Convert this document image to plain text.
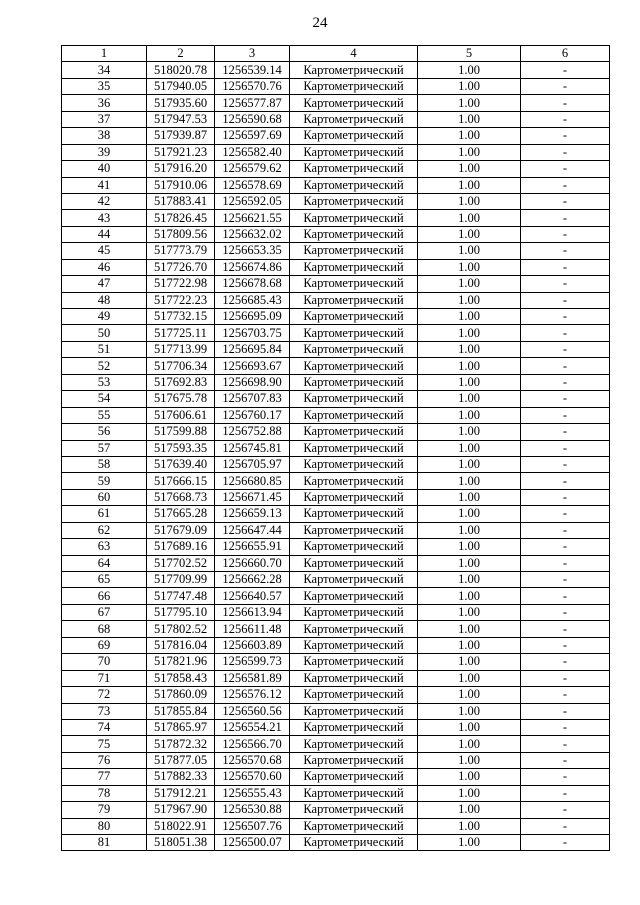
24
1	2	3	4	5	6
34	518020.78	1256539.14	Картометрический	1.00	-
35	517940.05	1256570.76	Картометрический	1.00	-
36	517935.60	1256577.87	Картометрический	1.00	-
37	517947.53	1256590.68	Картометрический	1.00	-
38	517939.87	1256597.69	Картометрический	1.00	-
39	517921.23	1256582.40	Картометрический	1.00	-
40	517916.20	1256579.62	Картометрический	1.00	-
41	517910.06	1256578.69	Картометрический	1.00	-
42	517883.41	1256592.05	Картометрический	1.00	-
43	517826.45	1256621.55	Картометрический	1.00	-
44	517809.56	1256632.02	Картометрический	1.00	-
45	517773.79	1256653.35	Картометрический	1.00	-
46	517726.70	1256674.86	Картометрический	1.00	-
47	517722.98	1256678.68	Картометрический	1.00	-
48	517722.23	1256685.43	Картометрический	1.00	-
49	517732.15	1256695.09	Картометрический	1.00	-
50	517725.11	1256703.75	Картометрический	1.00	-
51	517713.99	1256695.84	Картометрический	1.00	-
52	517706.34	1256693.67	Картометрический	1.00	-
53	517692.83	1256698.90	Картометрический	1.00	-
54	517675.78	1256707.83	Картометрический	1.00	-
55	517606.61	1256760.17	Картометрический	1.00	-
56	517599.88	1256752.88	Картометрический	1.00	-
57	517593.35	1256745.81	Картометрический	1.00	-
58	517639.40	1256705.97	Картометрический	1.00	-
59	517666.15	1256680.85	Картометрический	1.00	-
60	517668.73	1256671.45	Картометрический	1.00	-
61	517665.28	1256659.13	Картометрический	1.00	-
62	517679.09	1256647.44	Картометрический	1.00	-
63	517689.16	1256655.91	Картометрический	1.00	-
64	517702.52	1256660.70	Картометрический	1.00	-
65	517709.99	1256662.28	Картометрический	1.00	-
66	517747.48	1256640.57	Картометрический	1.00	-
67	517795.10	1256613.94	Картометрический	1.00	-
68	517802.52	1256611.48	Картометрический	1.00	-
69	517816.04	1256603.89	Картометрический	1.00	-
70	517821.96	1256599.73	Картометрический	1.00	-
71	517858.43	1256581.89	Картометрический	1.00	-
72	517860.09	1256576.12	Картометрический	1.00	-
73	517855.84	1256560.56	Картометрический	1.00	-
74	517865.97	1256554.21	Картометрический	1.00	-
75	517872.32	1256566.70	Картометрический	1.00	-
76	517877.05	1256570.68	Картометрический	1.00	-
77	517882.33	1256570.60	Картометрический	1.00	-
78	517912.21	1256555.43	Картометрический	1.00	-
79	517967.90	1256530.88	Картометрический	1.00	-
80	518022.91	1256507.76	Картометрический	1.00	-
81	518051.38	1256500.07	Картометрический	1.00	-
